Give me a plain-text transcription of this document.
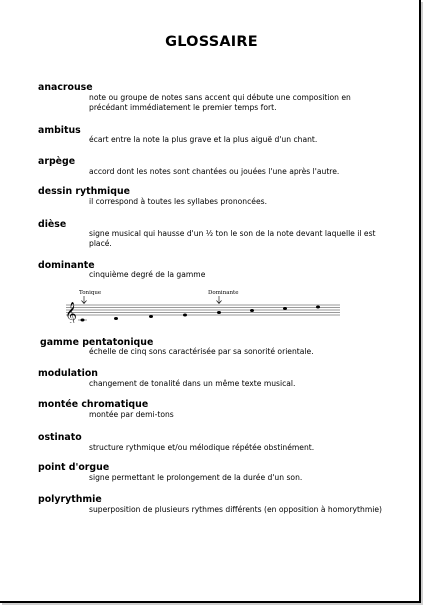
GLOSSAIRE
anacrouse
note ou groupe de notes sans accent qui débute une composition en précédant immédiatement le premier temps fort.
ambitus
écart entre la note la plus grave et la plus aiguë d'un chant.
arpège
accord dont les notes sont chantées ou jouées l'une après l'autre.
dessin rythmique
il correspond à toutes les syllabes prononcées.
dièse
signe musical qui hausse d'un ½ ton le son de la note devant laquelle il est placé.
dominante
cinquième degré de la gamme
Tonique	Dominante
𝄞
gamme pentatonique
échelle de cinq sons caractérisée par sa sonorité orientale.
modulation
changement de tonalité dans un même texte musical.
montée chromatique
montée par demi-tons
ostinato
structure rythmique et/ou mélodique répétée obstinément.
point d'orgue
signe permettant le prolongement de la durée d'un son.
polyrythmie
superposition de plusieurs rythmes différents (en opposition à homorythmie)
